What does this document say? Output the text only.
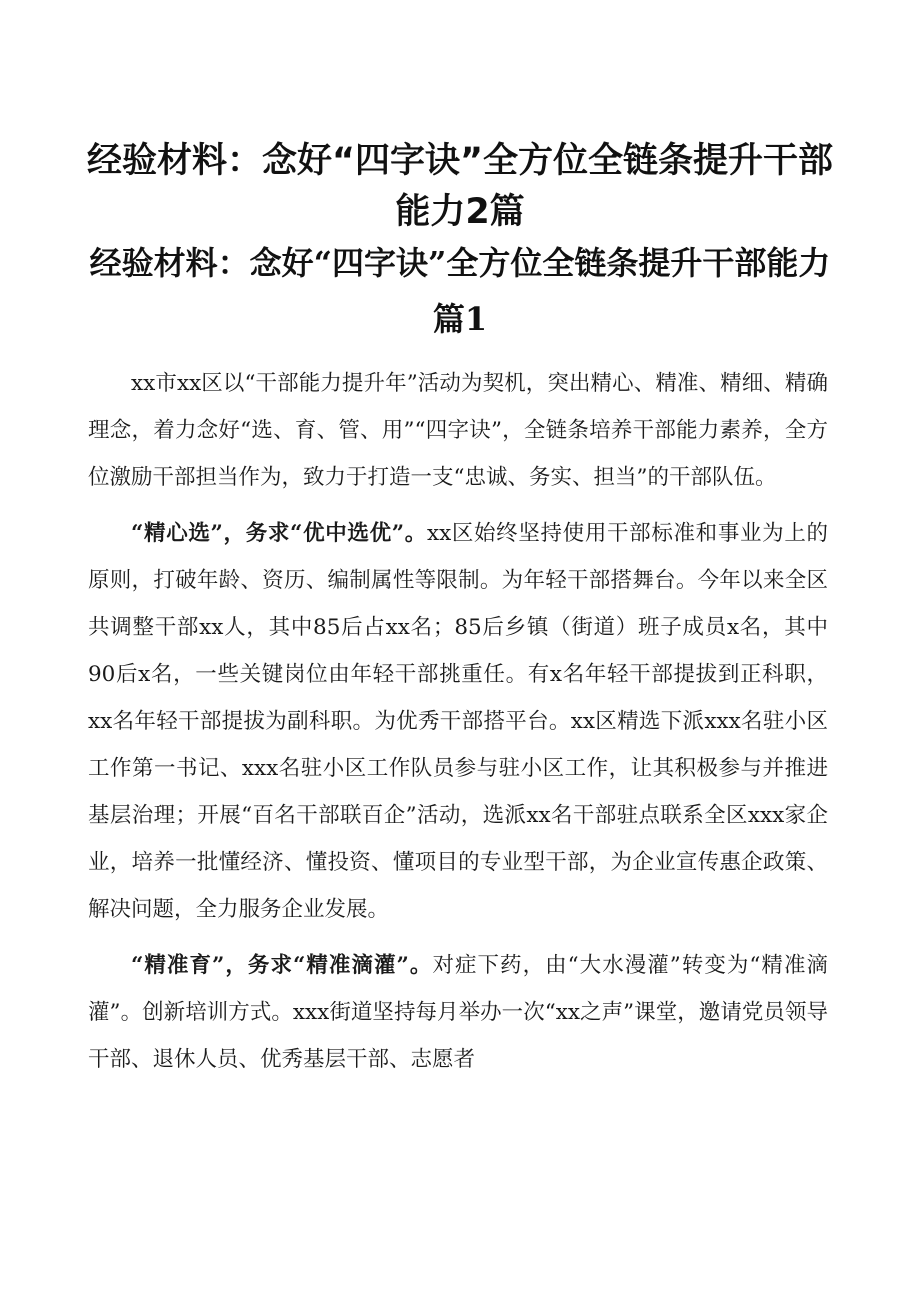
经验材料：念好“四字诀”全方位全链条提升干部能力2篇
经验材料：念好“四字诀”全方位全链条提升干部能力篇1

xx市xx区以“干部能力提升年”活动为契机，突出精心、精准、精细、精确理念，着力念好“选、育、管、用”“四字诀”，全链条培养干部能力素养，全方位激励干部担当作为，致力于打造一支“忠诚、务实、担当”的干部队伍。

“精心选”，务求“优中选优”。xx区始终坚持使用干部标准和事业为上的原则，打破年龄、资历、编制属性等限制。为年轻干部搭舞台。今年以来全区共调整干部xx人，其中85后占xx名；85后乡镇（街道）班子成员x名，其中90后x名，一些关键岗位由年轻干部挑重任。有x名年轻干部提拔到正科职，xx名年轻干部提拔为副科职。为优秀干部搭平台。xx区精选下派xxx名驻小区工作第一书记、xxx名驻小区工作队员参与驻小区工作，让其积极参与并推进基层治理；开展“百名干部联百企”活动，选派xx名干部驻点联系全区xxx家企业，培养一批懂经济、懂投资、懂项目的专业型干部，为企业宣传惠企政策、解决问题，全力服务企业发展。

“精准育”，务求“精准滴灌”。对症下药，由“大水漫灌”转变为“精准滴灌”。创新培训方式。xxx街道坚持每月举办一次“xx之声”课堂，邀请党员领导干部、退休人员、优秀基层干部、志愿者
